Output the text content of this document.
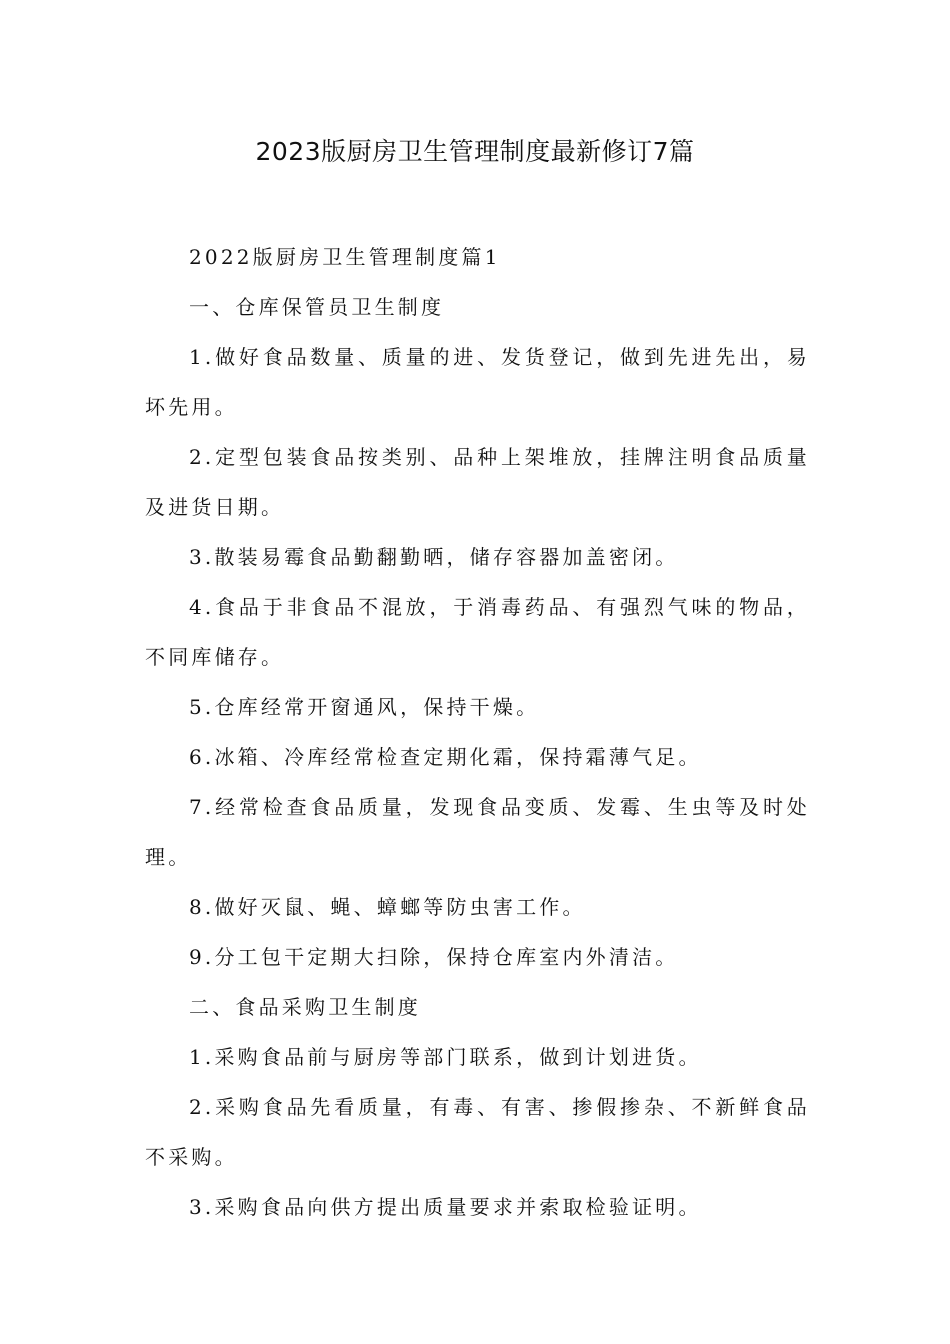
2023版厨房卫生管理制度最新修订7篇

2022版厨房卫生管理制度篇1

一、仓库保管员卫生制度

1.做好食品数量、质量的进、发货登记，做到先进先出，易坏先用。

2.定型包装食品按类别、品种上架堆放，挂牌注明食品质量及进货日期。

3.散装易霉食品勤翻勤晒，储存容器加盖密闭。

4.食品于非食品不混放，于消毒药品、有强烈气味的物品，不同库储存。

5.仓库经常开窗通风，保持干燥。

6.冰箱、冷库经常检查定期化霜，保持霜薄气足。

7.经常检查食品质量，发现食品变质、发霉、生虫等及时处理。

8.做好灭鼠、蝇、蟑螂等防虫害工作。

9.分工包干定期大扫除，保持仓库室内外清洁。

二、食品采购卫生制度

1.采购食品前与厨房等部门联系，做到计划进货。

2.采购食品先看质量，有毒、有害、掺假掺杂、不新鲜食品不采购。

3.采购食品向供方提出质量要求并索取检验证明。
